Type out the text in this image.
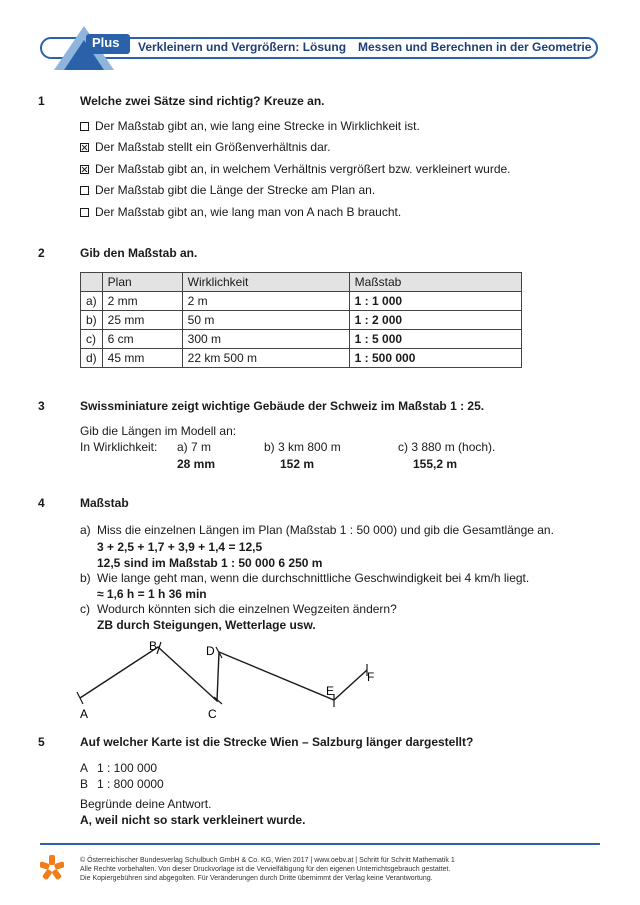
Plus Verkleinern und Vergrößern: Lösung Messen und Berechnen in der Geometrie
1	Welche zwei Sätze sind richtig? Kreuze an.
Der Maßstab gibt an, wie lang eine Strecke in Wirklichkeit ist.
Der Maßstab stellt ein Größenverhältnis dar.
Der Maßstab gibt an, in welchem Verhältnis vergrößert bzw. verkleinert wurde.
Der Maßstab gibt die Länge der Strecke am Plan an.
Der Maßstab gibt an, wie lang man von A nach B braucht.
2	Gib den Maßstab an.
	Plan	Wirklichkeit	Maßstab
a)	2 mm	2 m	1 : 1 000
b)	25 mm	50 m	1 : 2 000
c)	6 cm	300 m	1 : 5 000
d)	45 mm	22 km 500 m	1 : 500 000
3	Swissminiature zeigt wichtige Gebäude der Schweiz im Maßstab 1 : 25.
Gib die Längen im Modell an:
In Wirklichkeit: a) 7 m	b) 3 km 800 m	c) 3 880 m (hoch).
28 mm	152 m	155,2 m
4	Maßstab
a) Miss die einzelnen Längen im Plan (Maßstab 1 : 50 000) und gib die Gesamtlänge an.
3 + 2,5 + 1,7 + 3,9 + 1,4 = 12,5
12,5 sind im Maßstab 1 : 50 000 6 250 m
b) Wie lange geht man, wenn die durchschnittliche Geschwindigkeit bei 4 km/h liegt.
≈ 1,6 h = 1 h 36 min
c) Wodurch könnten sich die einzelnen Wegzeiten ändern?
ZB durch Steigungen, Wetterlage usw.
A
B
C
D
E
F
5	Auf welcher Karte ist die Strecke Wien – Salzburg länger dargestellt?
A 1 : 100 000
B 1 : 800 0000
Begründe deine Antwort.
A, weil nicht so stark verkleinert wurde.
© Österreichischer Bundesverlag Schulbuch GmbH & Co. KG, Wien 2017 | www.oebv.at | Schritt für Schritt Mathematik 1
Alle Rechte vorbehalten. Von dieser Druckvorlage ist die Vervielfältigung für den eigenen Unterrichtsgebrauch gestattet.
Die Kopiergebühren sind abgegolten. Für Veränderungen durch Dritte übernimmt der Verlag keine Verantwortung.
